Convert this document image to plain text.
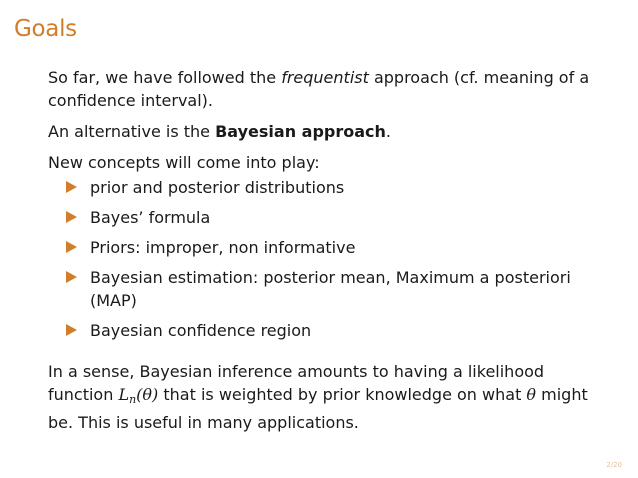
Goals

So far, we have followed the frequentist approach (cf. meaning of a confidence interval).

An alternative is the Bayesian approach.

New concepts will come into play:

prior and posterior distributions
Bayes’ formula
Priors: improper, non informative
Bayesian estimation: posterior mean, Maximum a posteriori (MAP)
Bayesian confidence region

In a sense, Bayesian inference amounts to having a likelihood function $L_n(\theta)$ that is weighted by prior knowledge on what θ might be. This is useful in many applications.

2/20
